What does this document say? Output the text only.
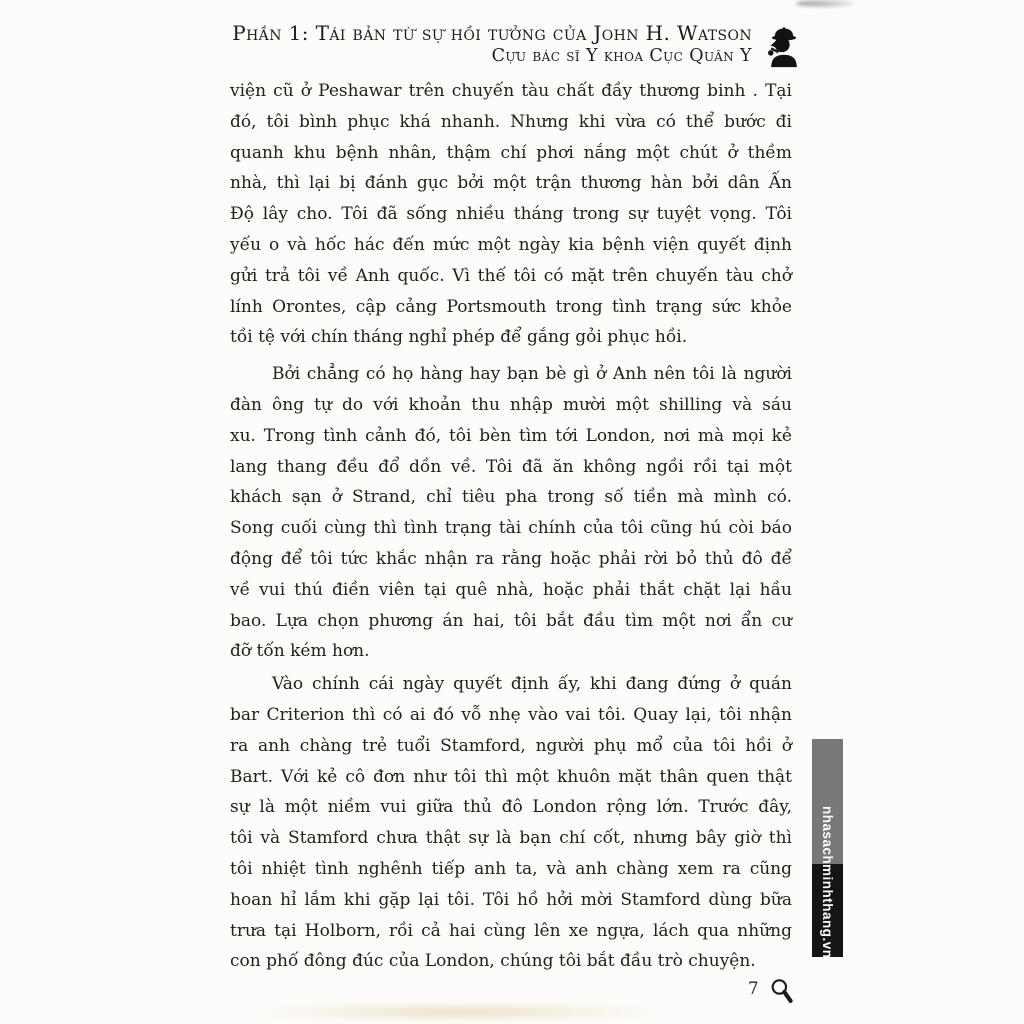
Phần 1: Tái bản từ sự hồi tưởng của John H. Watson
Cựu bác sĩ Y khoa Cục Quân Y
viện cũ ở Peshawar trên chuyến tàu chất đầy thương binh . Tại
đó, tôi bình phục khá nhanh. Nhưng khi vừa có thể bước đi
quanh khu bệnh nhân, thậm chí phơi nắng một chút ở thềm
nhà, thì lại bị đánh gục bởi một trận thương hàn bởi dân Ấn
Độ lây cho. Tôi đã sống nhiều tháng trong sự tuyệt vọng. Tôi
yếu o và hốc hác đến mức một ngày kia bệnh viện quyết định
gửi trả tôi về Anh quốc. Vì thế tôi có mặt trên chuyến tàu chở
lính Orontes, cập cảng Portsmouth trong tình trạng sức khỏe
tồi tệ với chín tháng nghỉ phép để gắng gỏi phục hồi.
Bởi chẳng có họ hàng hay bạn bè gì ở Anh nên tôi là người
đàn ông tự do với khoản thu nhập mười một shilling và sáu
xu. Trong tình cảnh đó, tôi bèn tìm tới London, nơi mà mọi kẻ
lang thang đều đổ dồn về. Tôi đã ăn không ngồi rồi tại một
khách sạn ở Strand, chỉ tiêu pha trong số tiền mà mình có.
Song cuối cùng thì tình trạng tài chính của tôi cũng hú còi báo
động để tôi tức khắc nhận ra rằng hoặc phải rời bỏ thủ đô để
về vui thú điền viên tại quê nhà, hoặc phải thắt chặt lại hầu
bao. Lựa chọn phương án hai, tôi bắt đầu tìm một nơi ẩn cư
đỡ tốn kém hơn.
Vào chính cái ngày quyết định ấy, khi đang đứng ở quán
bar Criterion thì có ai đó vỗ nhẹ vào vai tôi. Quay lại, tôi nhận
ra anh chàng trẻ tuổi Stamford, người phụ mổ của tôi hồi ở
Bart. Với kẻ cô đơn như tôi thì một khuôn mặt thân quen thật
sự là một niềm vui giữa thủ đô London rộng lớn. Trước đây,
tôi và Stamford chưa thật sự là bạn chí cốt, nhưng bây giờ thì
tôi nhiệt tình nghênh tiếp anh ta, và anh chàng xem ra cũng
hoan hỉ lắm khi gặp lại tôi. Tôi hồ hởi mời Stamford dùng bữa
trưa tại Holborn, rồi cả hai cùng lên xe ngựa, lách qua những
con phố đông đúc của London, chúng tôi bắt đầu trò chuyện.
nhasach
minhthang.vn
7
